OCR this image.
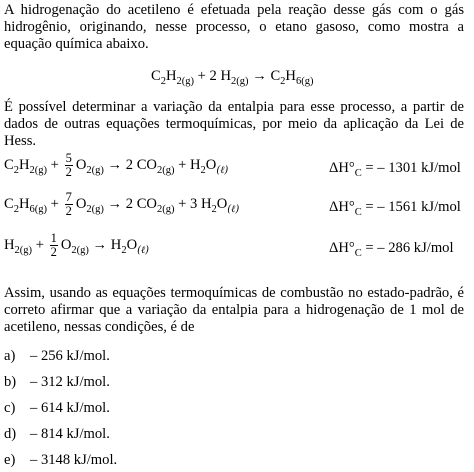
A hidrogenação do acetileno é efetuada pela reação desse gás com o gás hidrogênio, originando, nesse processo, o etano gasoso, como mostra a equação química abaixo.
$C_2H_{2(g)} + 2$ $H_{2(g)} \to C_2H_{6(g)}$
É possível determinar a variação da entalpia para esse processo, a partir de dados de outras equações termoquímicas, por meio da aplicação da Lei de Hess.
$C_2H_{2(g)} + \frac{5}{2} O_{2(g)} \to 2$ $CO_{2(g)} + H_2O_{(\ell)}$	$\Delta H^\circ_C$ = – 1301 kJ/mol
$C_2H_{6(g)} + \frac{7}{2} O_{2(g)} \to 2$ $CO_{2(g)} + 3$ $H_2O_{(\ell)}$	$\Delta H^\circ_C$ = – 1561 kJ/mol
$H_{2(g)} + \frac{1}{2} O_{2(g)} \to H_2O_{(\ell)}$	$\Delta H^\circ_C$ = – 286 kJ/mol
Assim, usando as equações termoquímicas de combustão no estado-padrão, é correto afirmar que a variação da entalpia para a hidrogenação de 1 mol de acetileno, nessas condições, é de
a) – 256 kJ/mol.
b) – 312 kJ/mol.
c) – 614 kJ/mol.
d) – 814 kJ/mol.
e) – 3148 kJ/mol.
